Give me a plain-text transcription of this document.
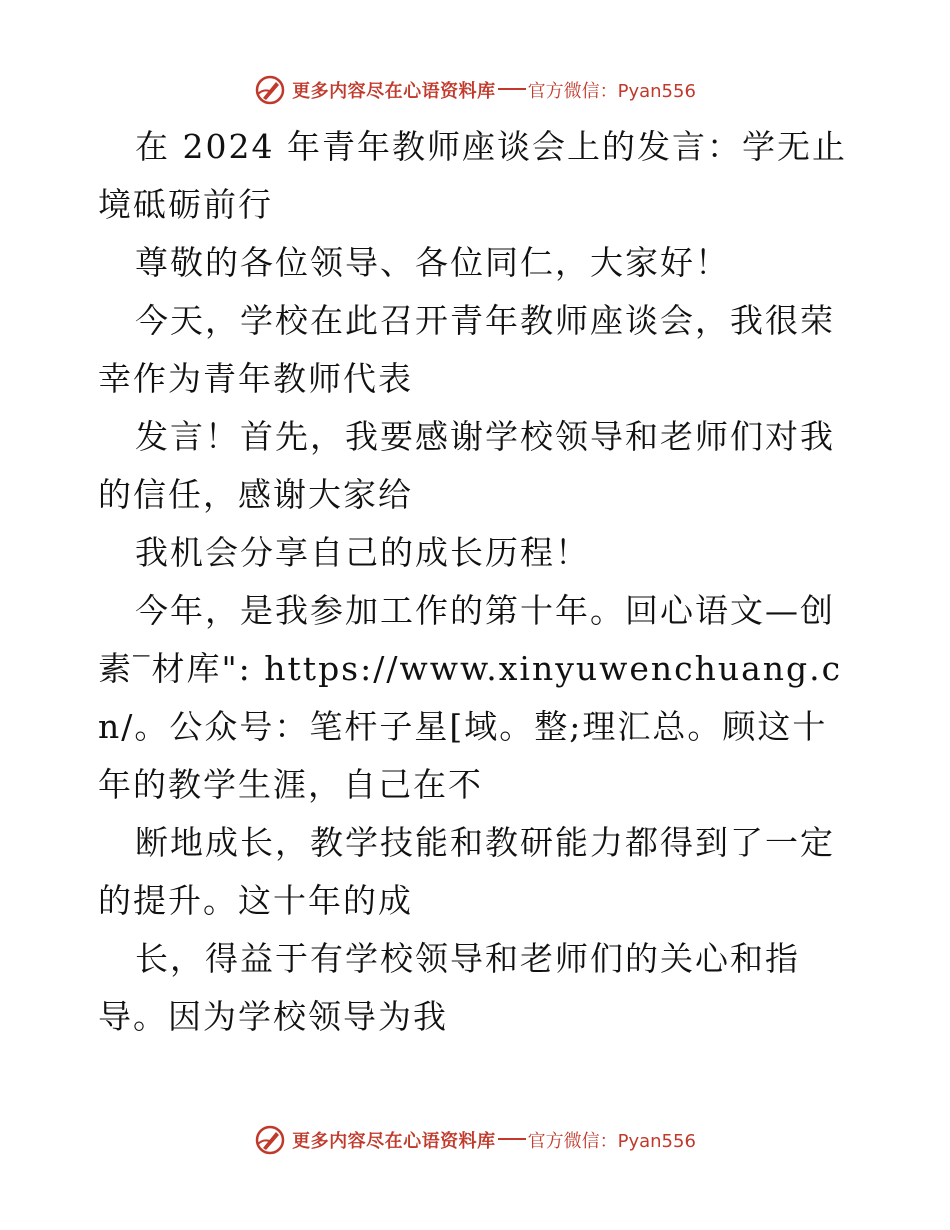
更多内容尽在心语资料库 官方微信：Pyan556

在 2024 年青年教师座谈会上的发言：学无止境砥砺前行

尊敬的各位领导、各位同仁，大家好！

今天，学校在此召开青年教师座谈会，我很荣幸作为青年教师代表

发言！首先，我要感谢学校领导和老师们对我的信任，感谢大家给

我机会分享自己的成长历程！

今年，是我参加工作的第十年。回心语文—创素‾材库": https://www.xinyuwenchuang.cn/。公众号：笔杆子星[域。整;理汇总。顾这十年的教学生涯，自己在不

断地成长，教学技能和教研能力都得到了一定的提升。这十年的成

长，得益于有学校领导和老师们的关心和指导。因为学校领导为我

更多内容尽在心语资料库 官方微信：Pyan556
